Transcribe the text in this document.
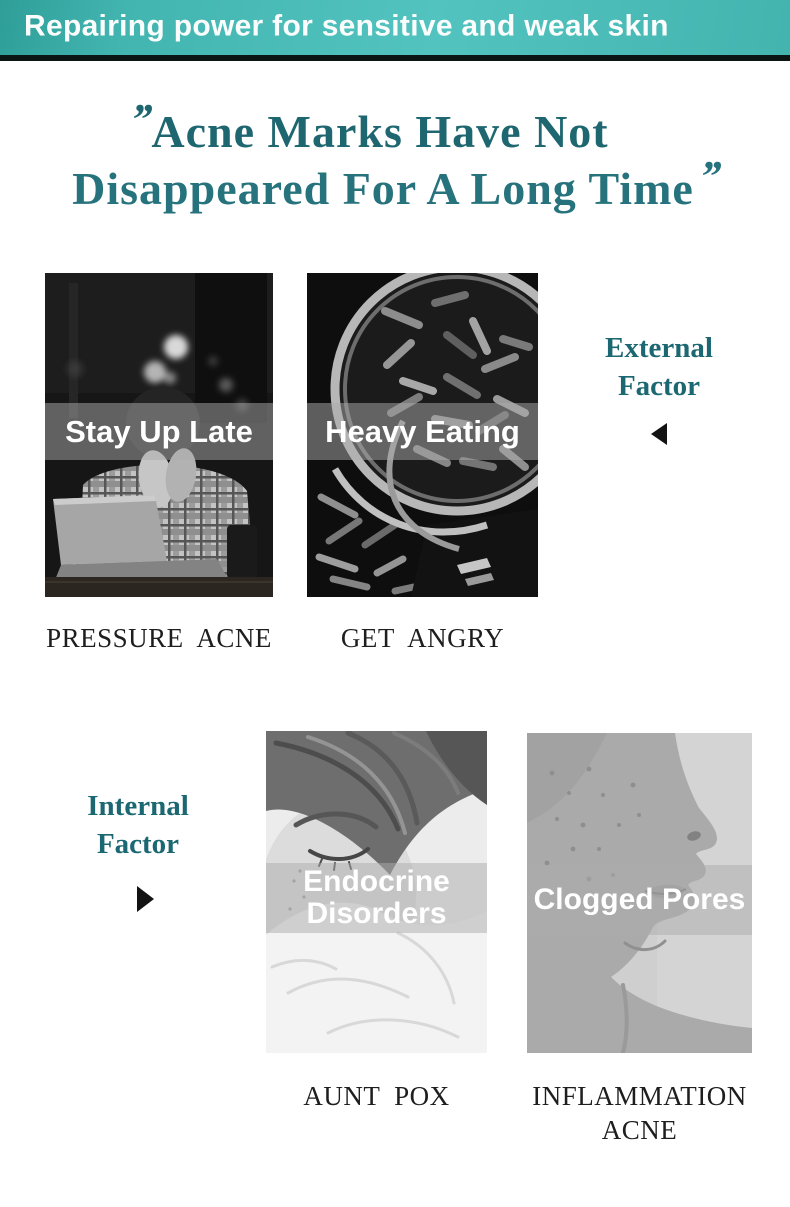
Repairing power for sensitive and weak skin
’’Acne Marks Have Not
Disappeared For A Long Time’’
Stay Up Late Heavy Eating
External
Factor
PRESSURE ACNE	GET ANGRY
Internal
Factor
Endocrine Disorders	Clogged Pores
AUNT POX	INFLAMMATION ACNE
